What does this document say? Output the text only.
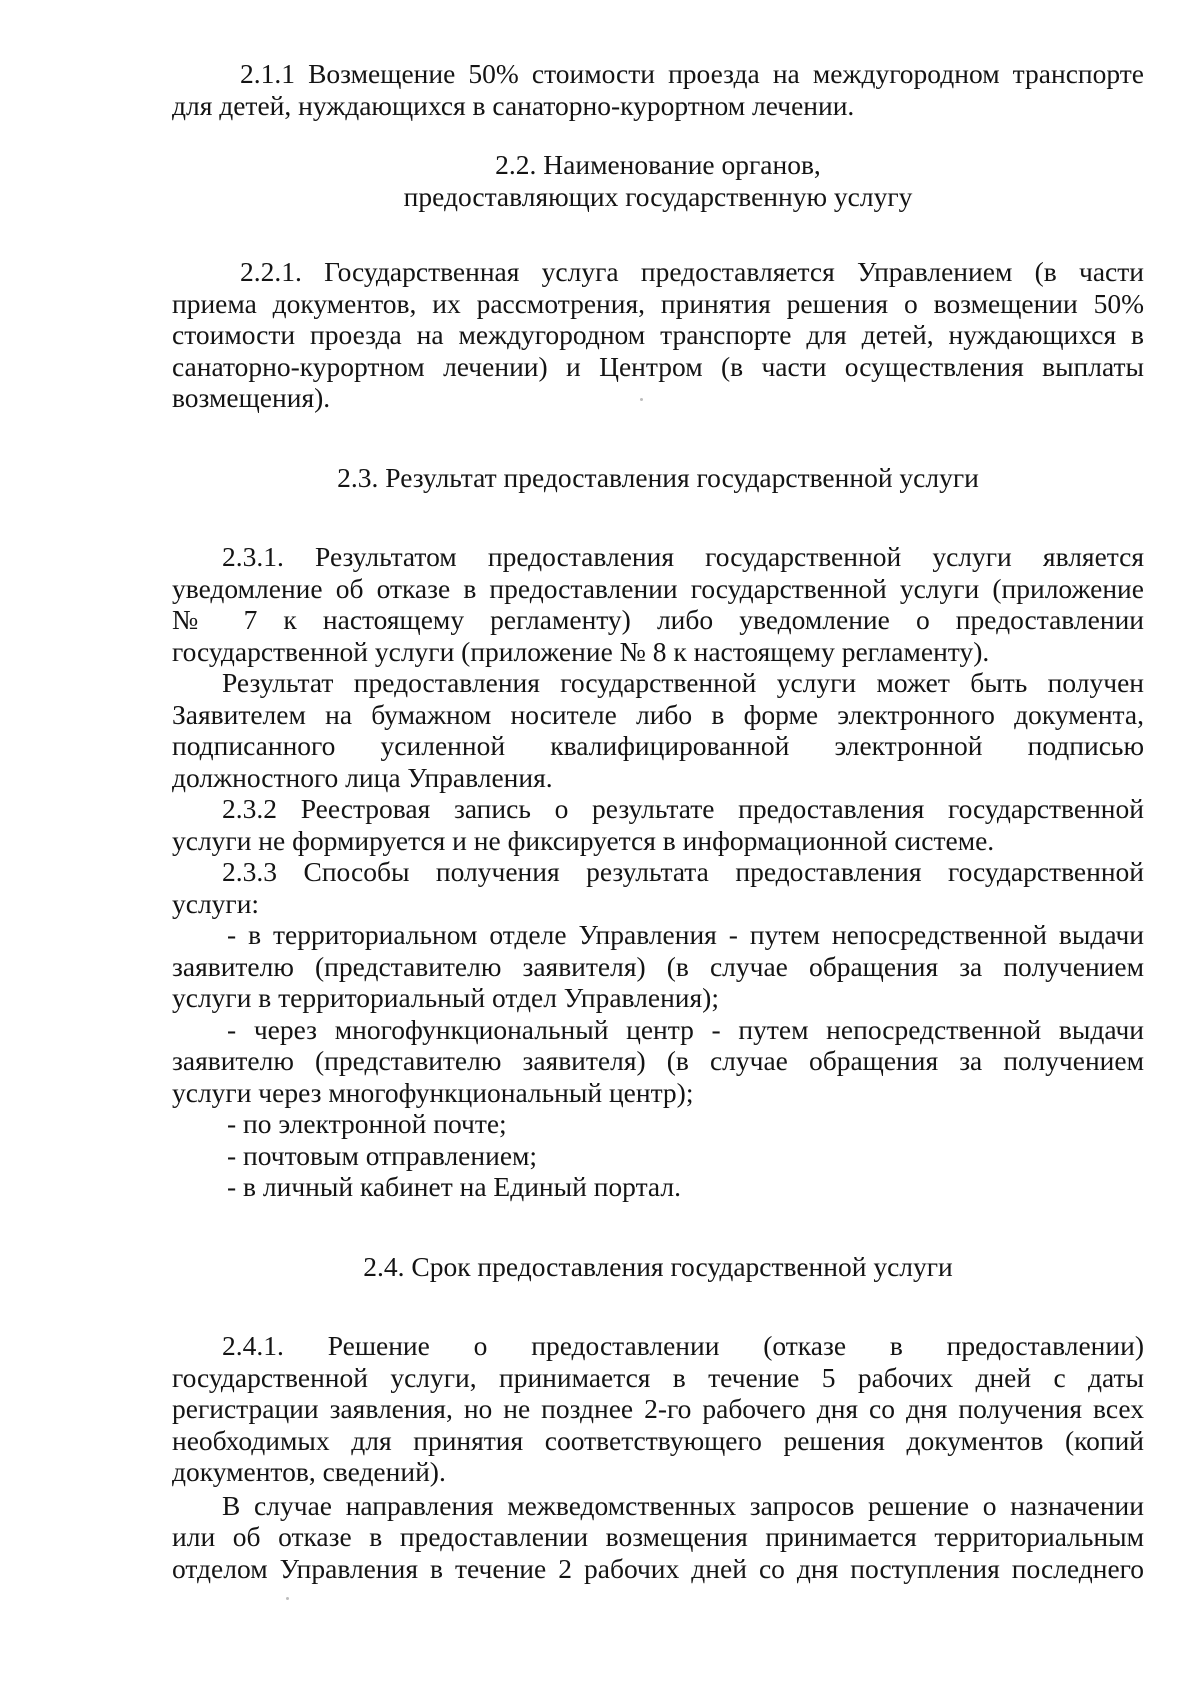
2.1.1 Возмещение 50% стоимости проезда на междугородном транспорте
для детей, нуждающихся в санаторно-курортном лечении.
2.2. Наименование органов,
предоставляющих государственную услугу
2.2.1. Государственная услуга предоставляется Управлением (в части
приема документов, их рассмотрения, принятия решения о возмещении 50%
стоимости проезда на междугородном транспорте для детей, нуждающихся в
санаторно-курортном лечении) и Центром (в части осуществления выплаты
возмещения).
2.3. Результат предоставления государственной услуги
2.3.1. Результатом предоставления государственной услуги является
уведомление об отказе в предоставлении государственной услуги (приложение
№ 7 к настоящему регламенту) либо уведомление о предоставлении
государственной услуги (приложение № 8 к настоящему регламенту).
Результат предоставления государственной услуги может быть получен
Заявителем на бумажном носителе либо в форме электронного документа,
подписанного усиленной квалифицированной электронной подписью
должностного лица Управления.
2.3.2 Реестровая запись о результате предоставления государственной
услуги не формируется и не фиксируется в информационной системе.
2.3.3 Способы получения результата предоставления государственной
услуги:
- в территориальном отделе Управления - путем непосредственной выдачи
заявителю (представителю заявителя) (в случае обращения за получением
услуги в территориальный отдел Управления);
- через многофункциональный центр - путем непосредственной выдачи
заявителю (представителю заявителя) (в случае обращения за получением
услуги через многофункциональный центр);
- по электронной почте;
- почтовым отправлением;
- в личный кабинет на Единый портал.
2.4. Срок предоставления государственной услуги
2.4.1. Решение о предоставлении (отказе в предоставлении)
государственной услуги, принимается в течение 5 рабочих дней с даты
регистрации заявления, но не позднее 2-го рабочего дня со дня получения всех
необходимых для принятия соответствующего решения документов (копий
документов, сведений).
В случае направления межведомственных запросов решение о назначении
или об отказе в предоставлении возмещения принимается территориальным
отделом Управления в течение 2 рабочих дней со дня поступления последнего
